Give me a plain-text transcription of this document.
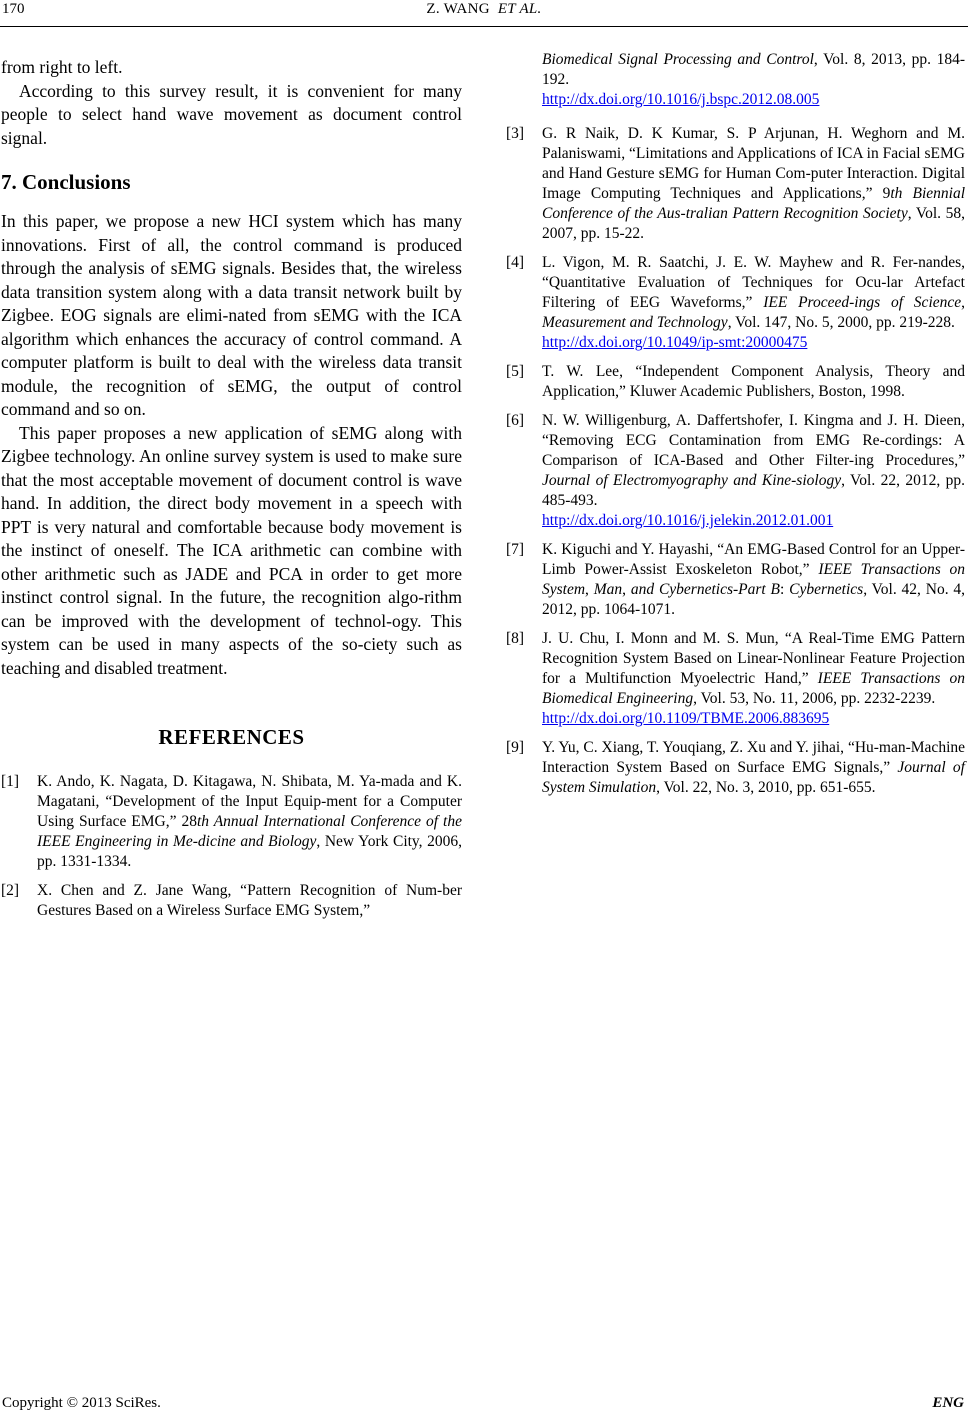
170	Z. WANG ET AL.

from right to left.

According to this survey result, it is convenient for many people to select hand wave movement as document control signal.

7. Conclusions

In this paper, we propose a new HCI system which has many innovations. First of all, the control command is produced through the analysis of sEMG signals. Besides that, the wireless data transition system along with a data transit network built by Zigbee. EOG signals are elimi-nated from sEMG with the ICA algorithm which enhances the accuracy of control command. A computer platform is built to deal with the wireless data transit module, the recognition of sEMG, the output of control command and so on.

This paper proposes a new application of sEMG along with Zigbee technology. An online survey system is used to make sure that the most acceptable movement of document control is wave hand. In addition, the direct body movement in a speech with PPT is very natural and comfortable because body movement is the instinct of oneself. The ICA arithmetic can combine with other arithmetic such as JADE and PCA in order to get more instinct control signal. In the future, the recognition algo-rithm can be improved with the development of technol-ogy. This system can be used in many aspects of the so-ciety such as teaching and disabled treatment.

REFERENCES
[1] K. Ando, K. Nagata, D. Kitagawa, N. Shibata, M. Ya-mada and K. Magatani, “Development of the Input Equip-ment for a Computer Using Surface EMG,” 28th Annual International Conference of the IEEE Engineering in Me-dicine and Biology, New York City, 2006, pp. 1331-1334.
[2] X. Chen and Z. Jane Wang, “Pattern Recognition of Num-ber Gestures Based on a Wireless Surface EMG System,”
Biomedical Signal Processing and Control, Vol. 8, 2013, pp. 184-192.
http://dx.doi.org/10.1016/j.bspc.2012.08.005
[3] G. R Naik, D. K Kumar, S. P Arjunan, H. Weghorn and M. Palaniswami, “Limitations and Applications of ICA in Facial sEMG and Hand Gesture sEMG for Human Com-puter Interaction. Digital Image Computing Techniques and Applications,” 9th Biennial Conference of the Aus-tralian Pattern Recognition Society, Vol. 58, 2007, pp. 15-22.
[4] L. Vigon, M. R. Saatchi, J. E. W. Mayhew and R. Fer-nandes, “Quantitative Evaluation of Techniques for Ocu-lar Artefact Filtering of EEG Waveforms,” IEE Proceed-ings of Science, Measurement and Technology, Vol. 147, No. 5, 2000, pp. 219-228.
http://dx.doi.org/10.1049/ip-smt:20000475
[5] T. W. Lee, “Independent Component Analysis, Theory and Application,” Kluwer Academic Publishers, Boston, 1998.
[6] N. W. Willigenburg, A. Daffertshofer, I. Kingma and J. H. Dieen, “Removing ECG Contamination from EMG Re-cordings: A Comparison of ICA-Based and Other Filter-ing Procedures,” Journal of Electromyography and Kine-siology, Vol. 22, 2012, pp. 485-493.
http://dx.doi.org/10.1016/j.jelekin.2012.01.001
[7] K. Kiguchi and Y. Hayashi, “An EMG-Based Control for an Upper-Limb Power-Assist Exoskeleton Robot,” IEEE Transactions on System, Man, and Cybernetics-Part B: Cybernetics, Vol. 42, No. 4, 2012, pp. 1064-1071.
[8] J. U. Chu, I. Monn and M. S. Mun, “A Real-Time EMG Pattern Recognition System Based on Linear-Nonlinear Feature Projection for a Multifunction Myoelectric Hand,” IEEE Transactions on Biomedical Engineering, Vol. 53, No. 11, 2006, pp. 2232-2239.
http://dx.doi.org/10.1109/TBME.2006.883695
[9] Y. Yu, C. Xiang, T. Youqiang, Z. Xu and Y. jihai, “Hu-man-Machine Interaction System Based on Surface EMG Signals,” Journal of System Simulation, Vol. 22, No. 3, 2010, pp. 651-655.
Copyright © 2013 SciRes.	ENG
